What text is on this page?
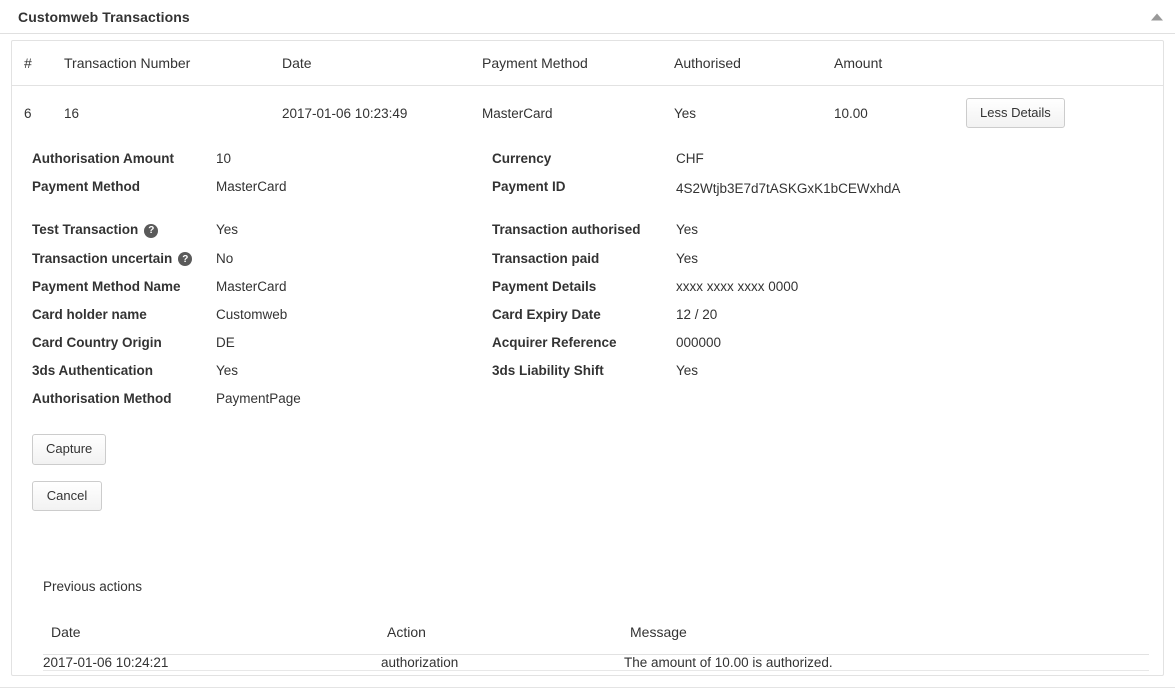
Customweb Transactions
#	Transaction Number	Date	Payment Method	Authorised	Amount	
6	16	2017-01-06 10:23:49	MasterCard	Yes	10.00	Less Details

Authorisation Amount	10	Currency	CHF
Payment Method	MasterCard	Payment ID	4S2Wtjb3E7d7tASKGxK1bCEWxhdA
Test Transaction ?	Yes	Transaction authorised	Yes
Transaction uncertain ?	No	Transaction paid	Yes
Payment Method Name	MasterCard	Payment Details	xxxx xxxx xxxx 0000
Card holder name	Customweb	Card Expiry Date	12 / 20
Card Country Origin	DE	Acquirer Reference	000000
3ds Authentication	Yes	3ds Liability Shift	Yes
Authorisation Method	PaymentPage
Capture
Cancel
Previous actions
Date	Action	Message
2017-01-06 10:24:21	authorization	The amount of 10.00 is authorized.
